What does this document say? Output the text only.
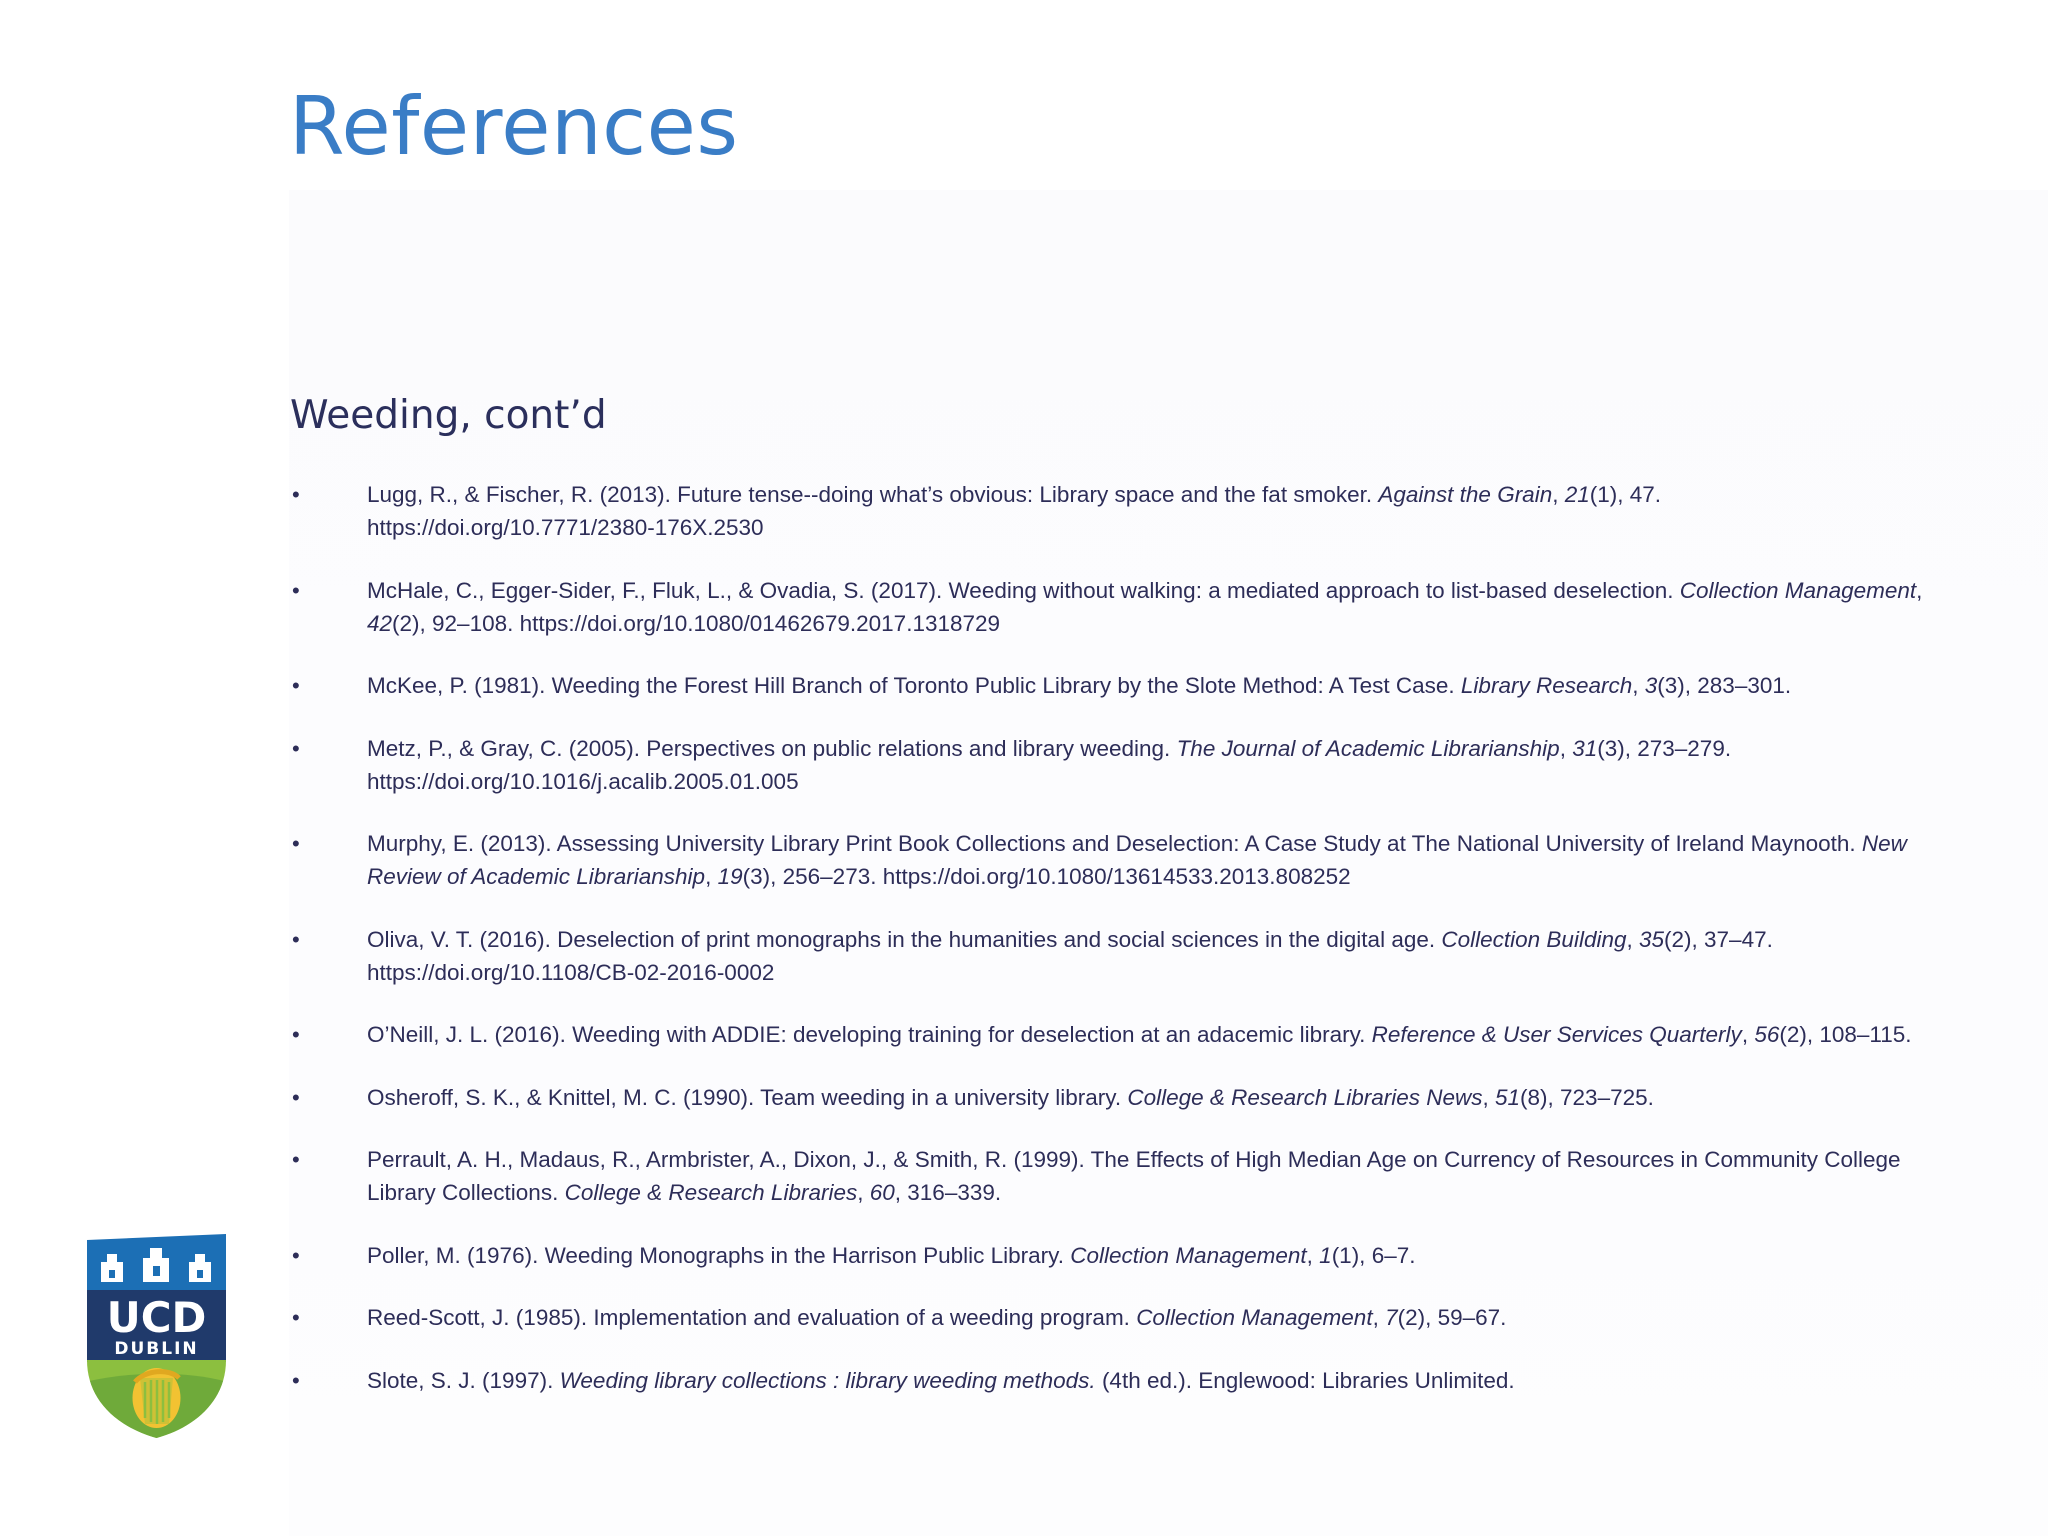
References
Weeding, cont’d
•	Lugg, R., & Fischer, R. (2013). Future tense--doing what’s obvious: Library space and the fat smoker. Against the Grain, 21(1), 47. https://doi.org/10.7771/2380-176X.2530
•	McHale, C., Egger-Sider, F., Fluk, L., & Ovadia, S. (2017). Weeding without walking: a mediated approach to list-based deselection. Collection Management, 42(2), 92–108. https://doi.org/10.1080/01462679.2017.1318729
•	McKee, P. (1981). Weeding the Forest Hill Branch of Toronto Public Library by the Slote Method: A Test Case. Library Research, 3(3), 283–301.
•	Metz, P., & Gray, C. (2005). Perspectives on public relations and library weeding. The Journal of Academic Librarianship, 31(3), 273–279. https://doi.org/10.1016/j.acalib.2005.01.005
•	Murphy, E. (2013). Assessing University Library Print Book Collections and Deselection: A Case Study at The National University of Ireland Maynooth. New Review of Academic Librarianship, 19(3), 256–273. https://doi.org/10.1080/13614533.2013.808252
•	Oliva, V. T. (2016). Deselection of print monographs in the humanities and social sciences in the digital age. Collection Building, 35(2), 37–47. https://doi.org/10.1108/CB-02-2016-0002
•	O’Neill, J. L. (2016). Weeding with ADDIE: developing training for deselection at an adacemic library. Reference & User Services Quarterly, 56(2), 108–115.
•	Osheroff, S. K., & Knittel, M. C. (1990). Team weeding in a university library. College & Research Libraries News, 51(8), 723–725.
•	Perrault, A. H., Madaus, R., Armbrister, A., Dixon, J., & Smith, R. (1999). The Effects of High Median Age on Currency of Resources in Community College Library Collections. College & Research Libraries, 60, 316–339.
•	Poller, M. (1976). Weeding Monographs in the Harrison Public Library. Collection Management, 1(1), 6–7.
•	Reed-Scott, J. (1985). Implementation and evaluation of a weeding program. Collection Management, 7(2), 59–67.
•	Slote, S. J. (1997). Weeding library collections : library weeding methods. (4th ed.). Englewood: Libraries Unlimited.
UCD
DUBLIN
